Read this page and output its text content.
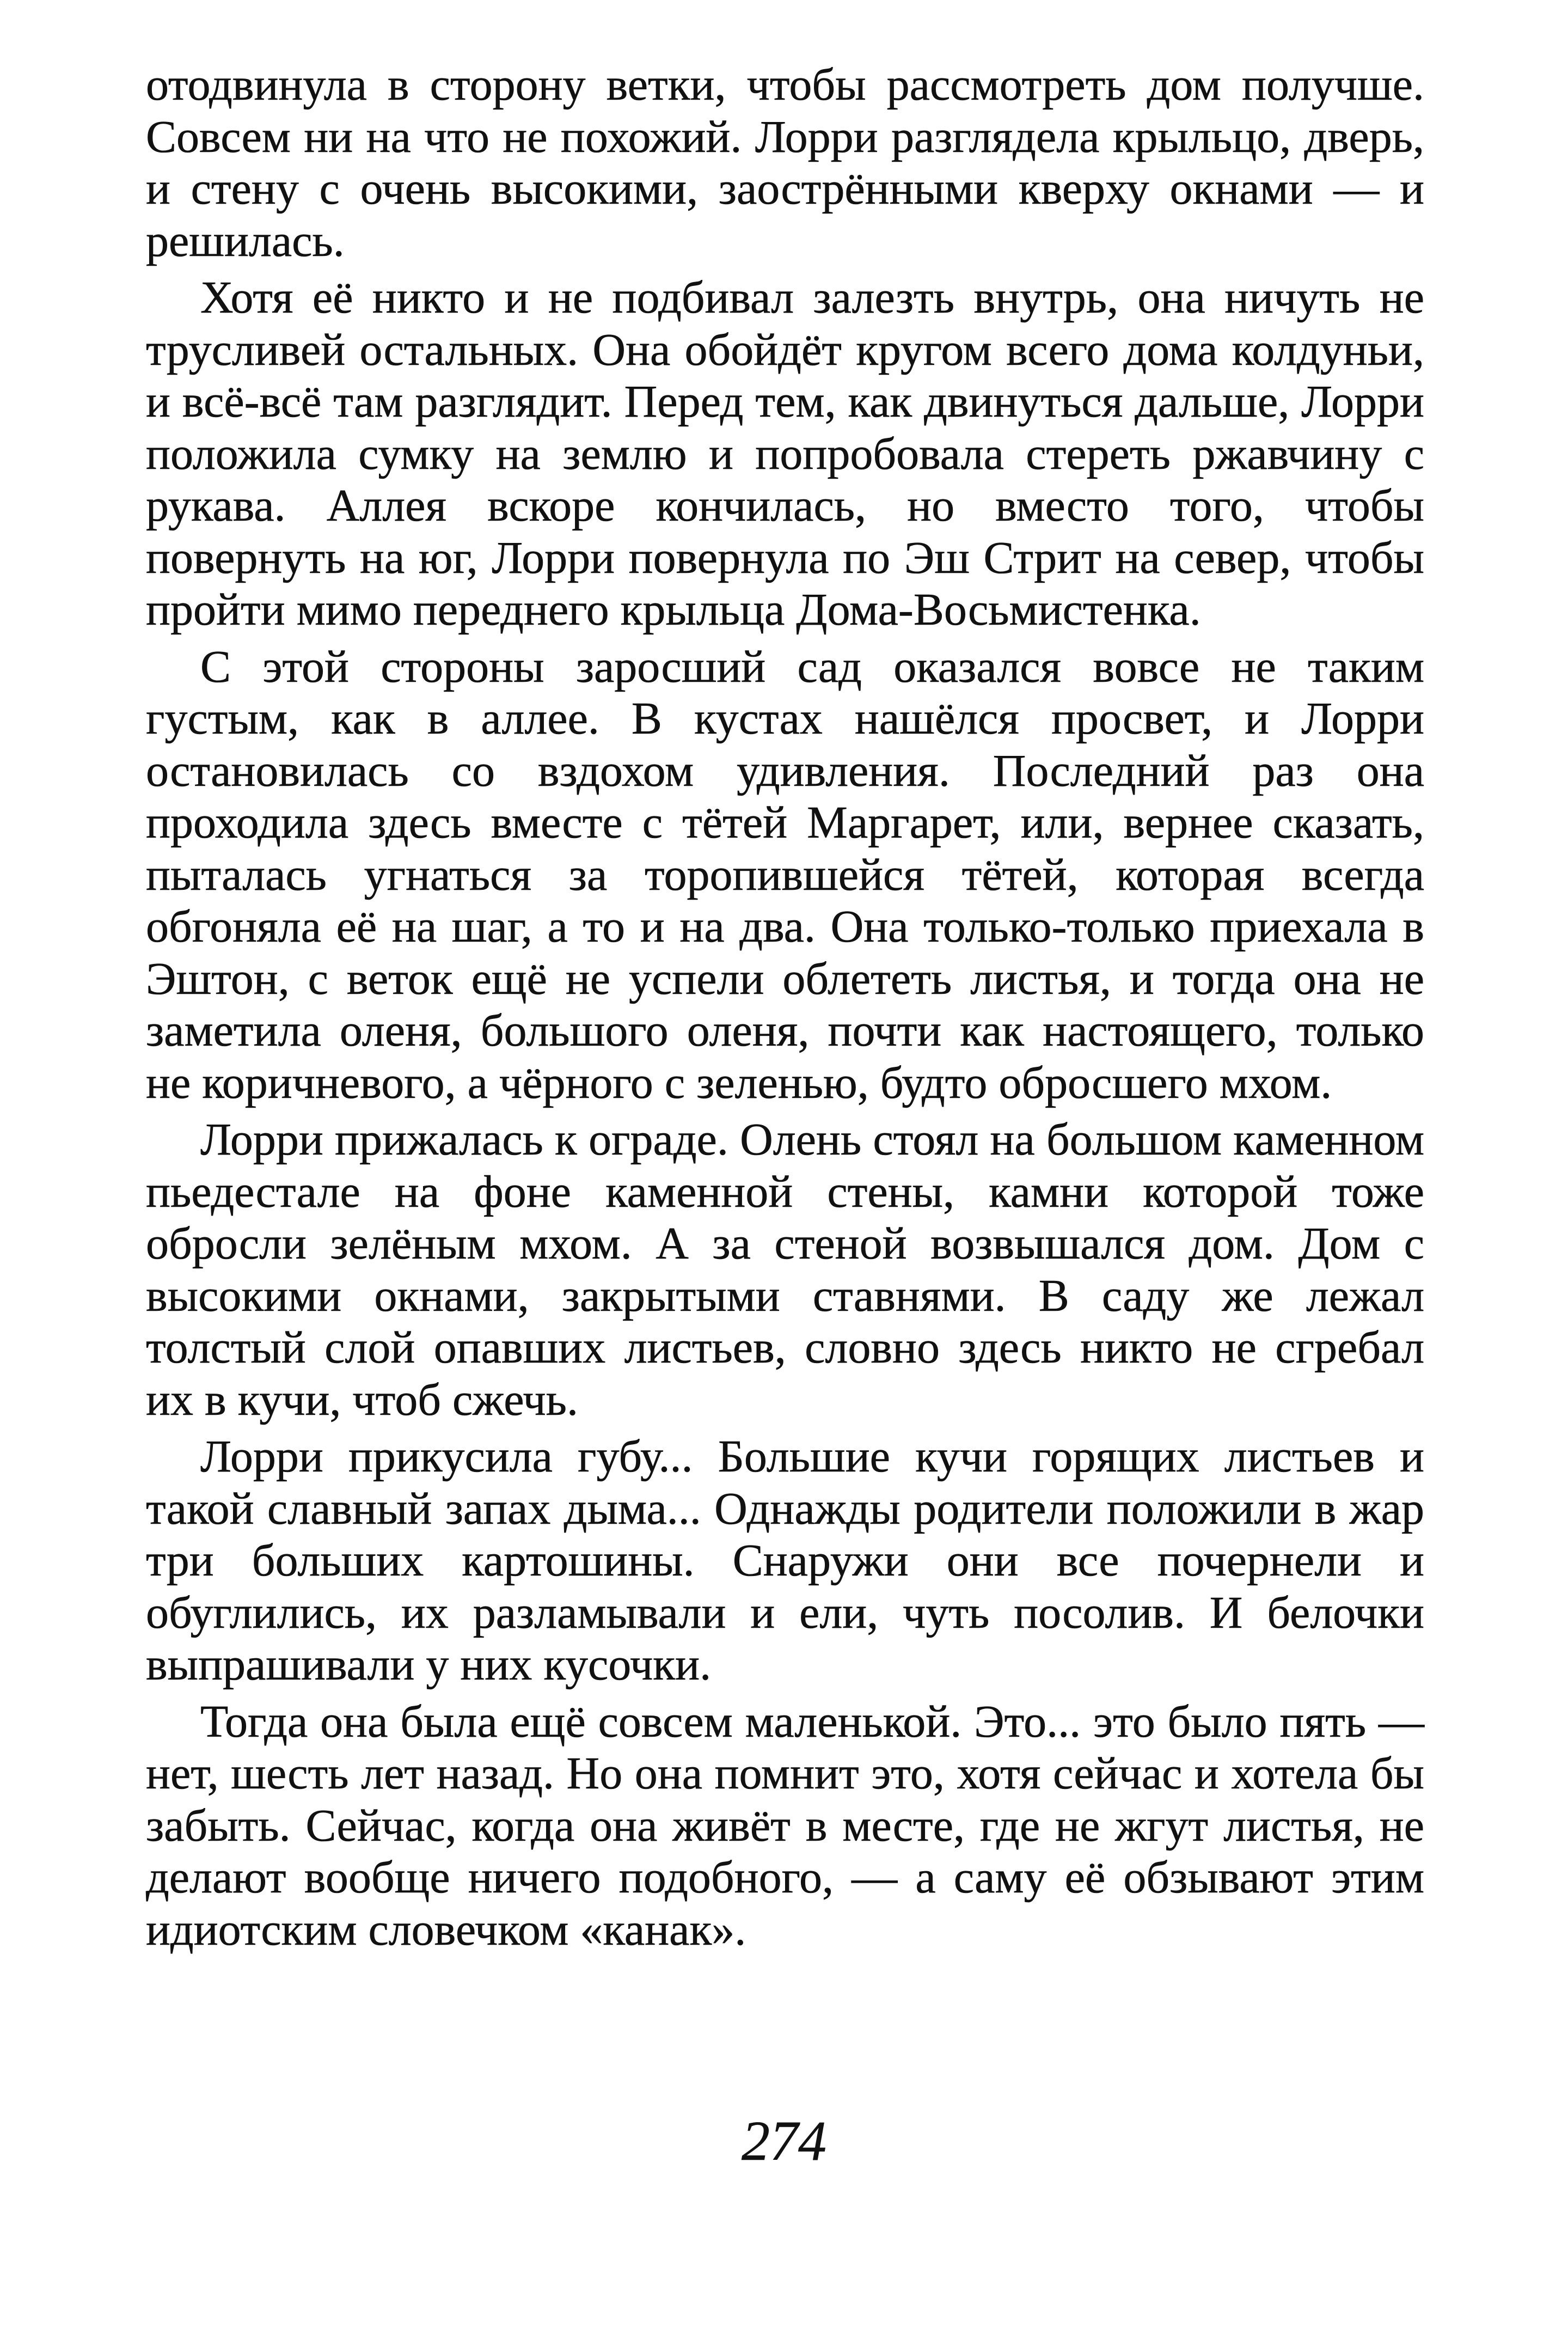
отодвинула в сторону ветки, чтобы рассмотреть дом получше. Совсем ни на что не похожий. Лорри разглядела крыльцо, дверь, и стену с очень высокими, заострёнными кверху окнами — и решилась.

Хотя её никто и не подбивал залезть внутрь, она ничуть не трусливей остальных. Она обойдёт кругом всего дома колдуньи, и всё-всё там разглядит. Перед тем, как двинуться дальше, Лорри положила сумку на землю и попробовала стереть ржавчину с рукава. Аллея вскоре кончилась, но вместо того, чтобы повернуть на юг, Лорри повернула по Эш Стрит на север, чтобы пройти мимо переднего крыльца Дома-Восьмистенка.

С этой стороны заросший сад оказался вовсе не таким густым, как в аллее. В кустах нашёлся просвет, и Лорри остановилась со вздохом удивления. Последний раз она проходила здесь вместе с тётей Маргарет, или, вернее сказать, пыталась угнаться за торопившейся тётей, которая всегда обгоняла её на шаг, а то и на два. Она только-только приехала в Эштон, с веток ещё не успели облететь листья, и тогда она не заметила оленя, большого оленя, почти как настоящего, только не коричневого, а чёрного с зеленью, будто обросшего мхом.

Лорри прижалась к ограде. Олень стоял на большом каменном пьедестале на фоне каменной стены, камни которой тоже обросли зелёным мхом. А за стеной возвышался дом. Дом с высокими окнами, закрытыми ставнями. В саду же лежал толстый слой опавших листьев, словно здесь никто не сгребал их в кучи, чтоб сжечь.

Лорри прикусила губу... Большие кучи горящих листьев и такой славный запах дыма... Однажды родители положили в жар три больших картошины. Снаружи они все почернели и обуглились, их разламывали и ели, чуть посолив. И белочки выпрашивали у них кусочки.

Тогда она была ещё совсем маленькой. Это... это было пять — нет, шесть лет назад. Но она помнит это, хотя сейчас и хотела бы забыть. Сейчас, когда она живёт в месте, где не жгут листья, не делают вообще ничего подобного, — а саму её обзывают этим идиотским словечком «канак».

274
